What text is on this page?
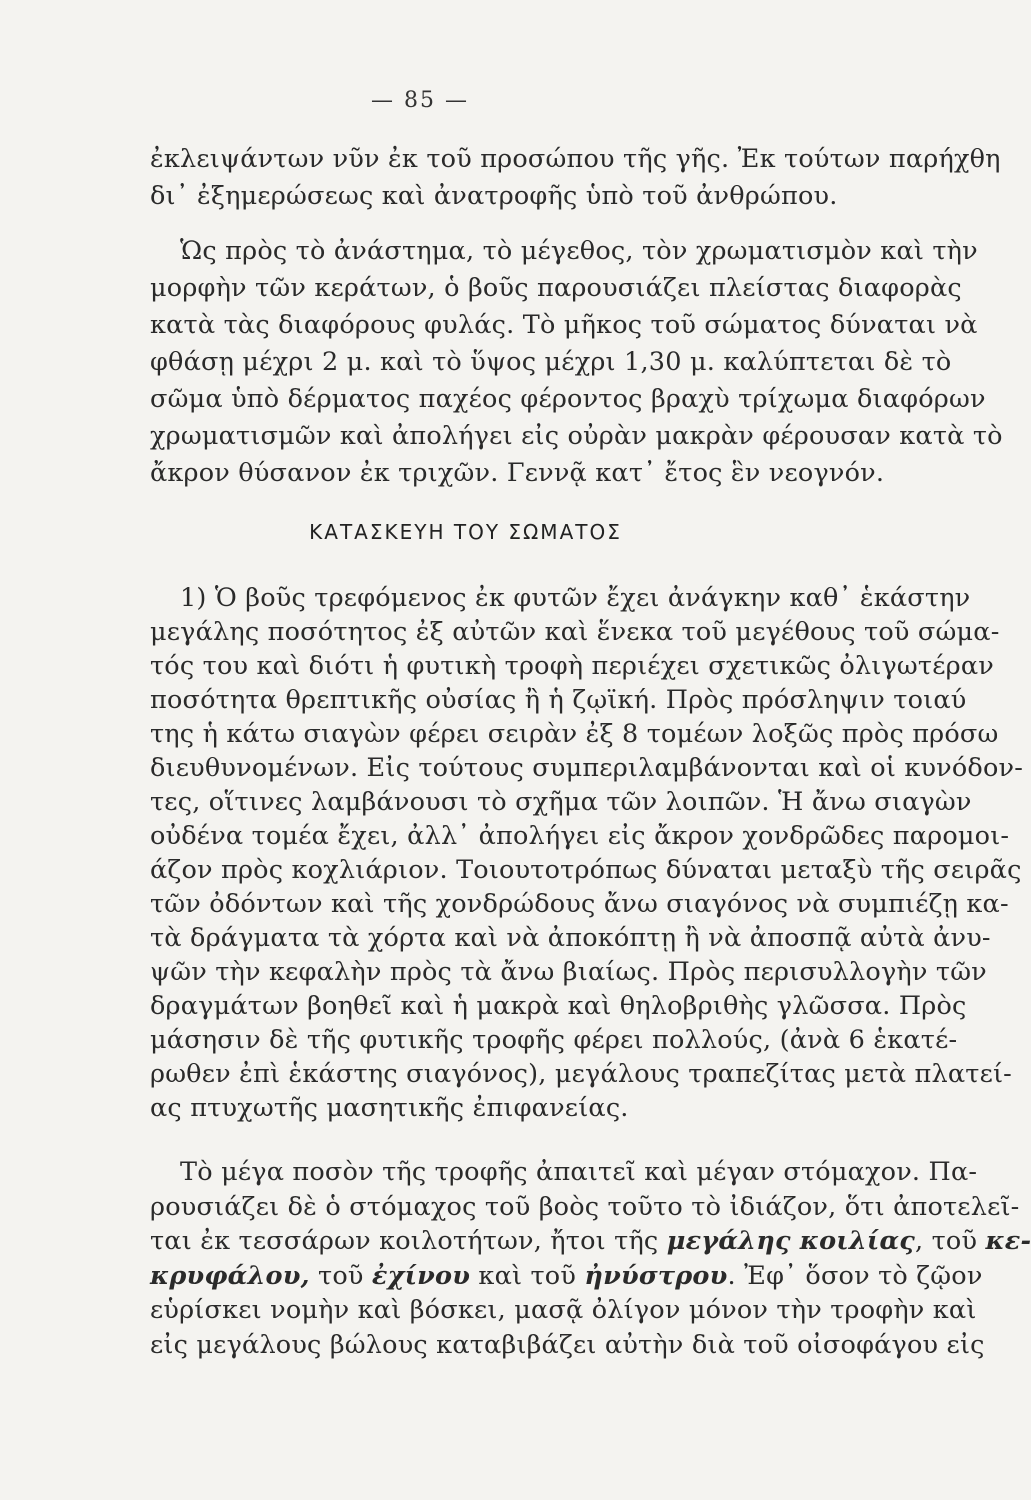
— 85 —
ἐκλειψάντων νῦν ἐκ τοῦ προσώπου τῆς γῆς. Ἐκ τούτων παρήχθη
δι᾽ ἐξημερώσεως καὶ ἀνατροφῆς ὑπὸ τοῦ ἀνθρώπου.
Ὡς πρὸς τὸ ἀνάστημα, τὸ μέγεθος, τὸν χρωματισμὸν καὶ τὴν
μορφὴν τῶν κεράτων, ὁ βοῦς παρουσιάζει πλείστας διαφορὰς
κατὰ τὰς διαφόρους φυλάς. Τὸ μῆκος τοῦ σώματος δύναται νὰ
φθάσῃ μέχρι 2 μ. καὶ τὸ ὕψος μέχρι 1,30 μ. καλύπτεται δὲ τὸ
σῶμα ὑπὸ δέρματος παχέος φέροντος βραχὺ τρίχωμα διαφόρων
χρωματισμῶν καὶ ἀπολήγει εἰς οὐρὰν μακρὰν φέρουσαν κατὰ τὸ
ἄκρον θύσανον ἐκ τριχῶν. Γεννᾷ κατ᾽ ἔτος ἓν νεογνόν.
ΚΑΤΑΣΚΕΥΗ ΤΟΥ ΣΩΜΑΤΟΣ
1) Ὁ βοῦς τρεφόμενος ἐκ φυτῶν ἔχει ἀνάγκην καθ᾽ ἑκάστην
μεγάλης ποσότητος ἐξ αὐτῶν καὶ ἕνεκα τοῦ μεγέθους τοῦ σώμα-
τός του καὶ διότι ἡ φυτικὴ τροφὴ περιέχει σχετικῶς ὀλιγωτέραν
ποσότητα θρεπτικῆς οὐσίας ἢ ἡ ζῳϊκή. Πρὸς πρόσληψιν τοιαύ
της ἡ κάτω σιαγὼν φέρει σειρὰν ἐξ 8 τομέων λοξῶς πρὸς πρόσω
διευθυνομένων. Εἰς τούτους συμπεριλαμβάνονται καὶ οἱ κυνόδον-
τες, οἵτινες λαμβάνουσι τὸ σχῆμα τῶν λοιπῶν. Ἡ ἄνω σιαγὼν
οὐδένα τομέα ἔχει, ἀλλ᾽ ἀπολήγει εἰς ἄκρον χονδρῶδες παρομοι-
άζον πρὸς κοχλιάριον. Τοιουτοτρόπως δύναται μεταξὺ τῆς σειρᾶς
τῶν ὀδόντων καὶ τῆς χονδρώδους ἄνω σιαγόνος νὰ συμπιέζῃ κα-
τὰ δράγματα τὰ χόρτα καὶ νὰ ἀποκόπτῃ ἢ νὰ ἀποσπᾷ αὐτὰ ἀνυ-
ψῶν τὴν κεφαλὴν πρὸς τὰ ἄνω βιαίως. Πρὸς περισυλλογὴν τῶν
δραγμάτων βοηθεῖ καὶ ἡ μακρὰ καὶ θηλοβριθὴς γλῶσσα. Πρὸς
μάσησιν δὲ τῆς φυτικῆς τροφῆς φέρει πολλούς, (ἀνὰ 6 ἑκατέ-
ρωθεν ἐπὶ ἑκάστης σιαγόνος), μεγάλους τραπεζίτας μετὰ πλατεί-
ας πτυχωτῆς μασητικῆς ἐπιφανείας.
Τὸ μέγα ποσὸν τῆς τροφῆς ἀπαιτεῖ καὶ μέγαν στόμαχον. Πα-
ρουσιάζει δὲ ὁ στόμαχος τοῦ βοὸς τοῦτο τὸ ἰδιάζον, ὅτι ἀποτελεῖ-
ται ἐκ τεσσάρων κοιλοτήτων, ἤτοι τῆς μεγάλης κοιλίας, τοῦ κε-
κρυφάλου, τοῦ ἐχίνου καὶ τοῦ ἠνύστρου. Ἐφ᾽ ὅσον τὸ ζῷον
εὑρίσκει νομὴν καὶ βόσκει, μασᾷ ὀλίγον μόνον τὴν τροφὴν καὶ
εἰς μεγάλους βώλους καταβιβάζει αὐτὴν διὰ τοῦ οἰσοφάγου εἰς
